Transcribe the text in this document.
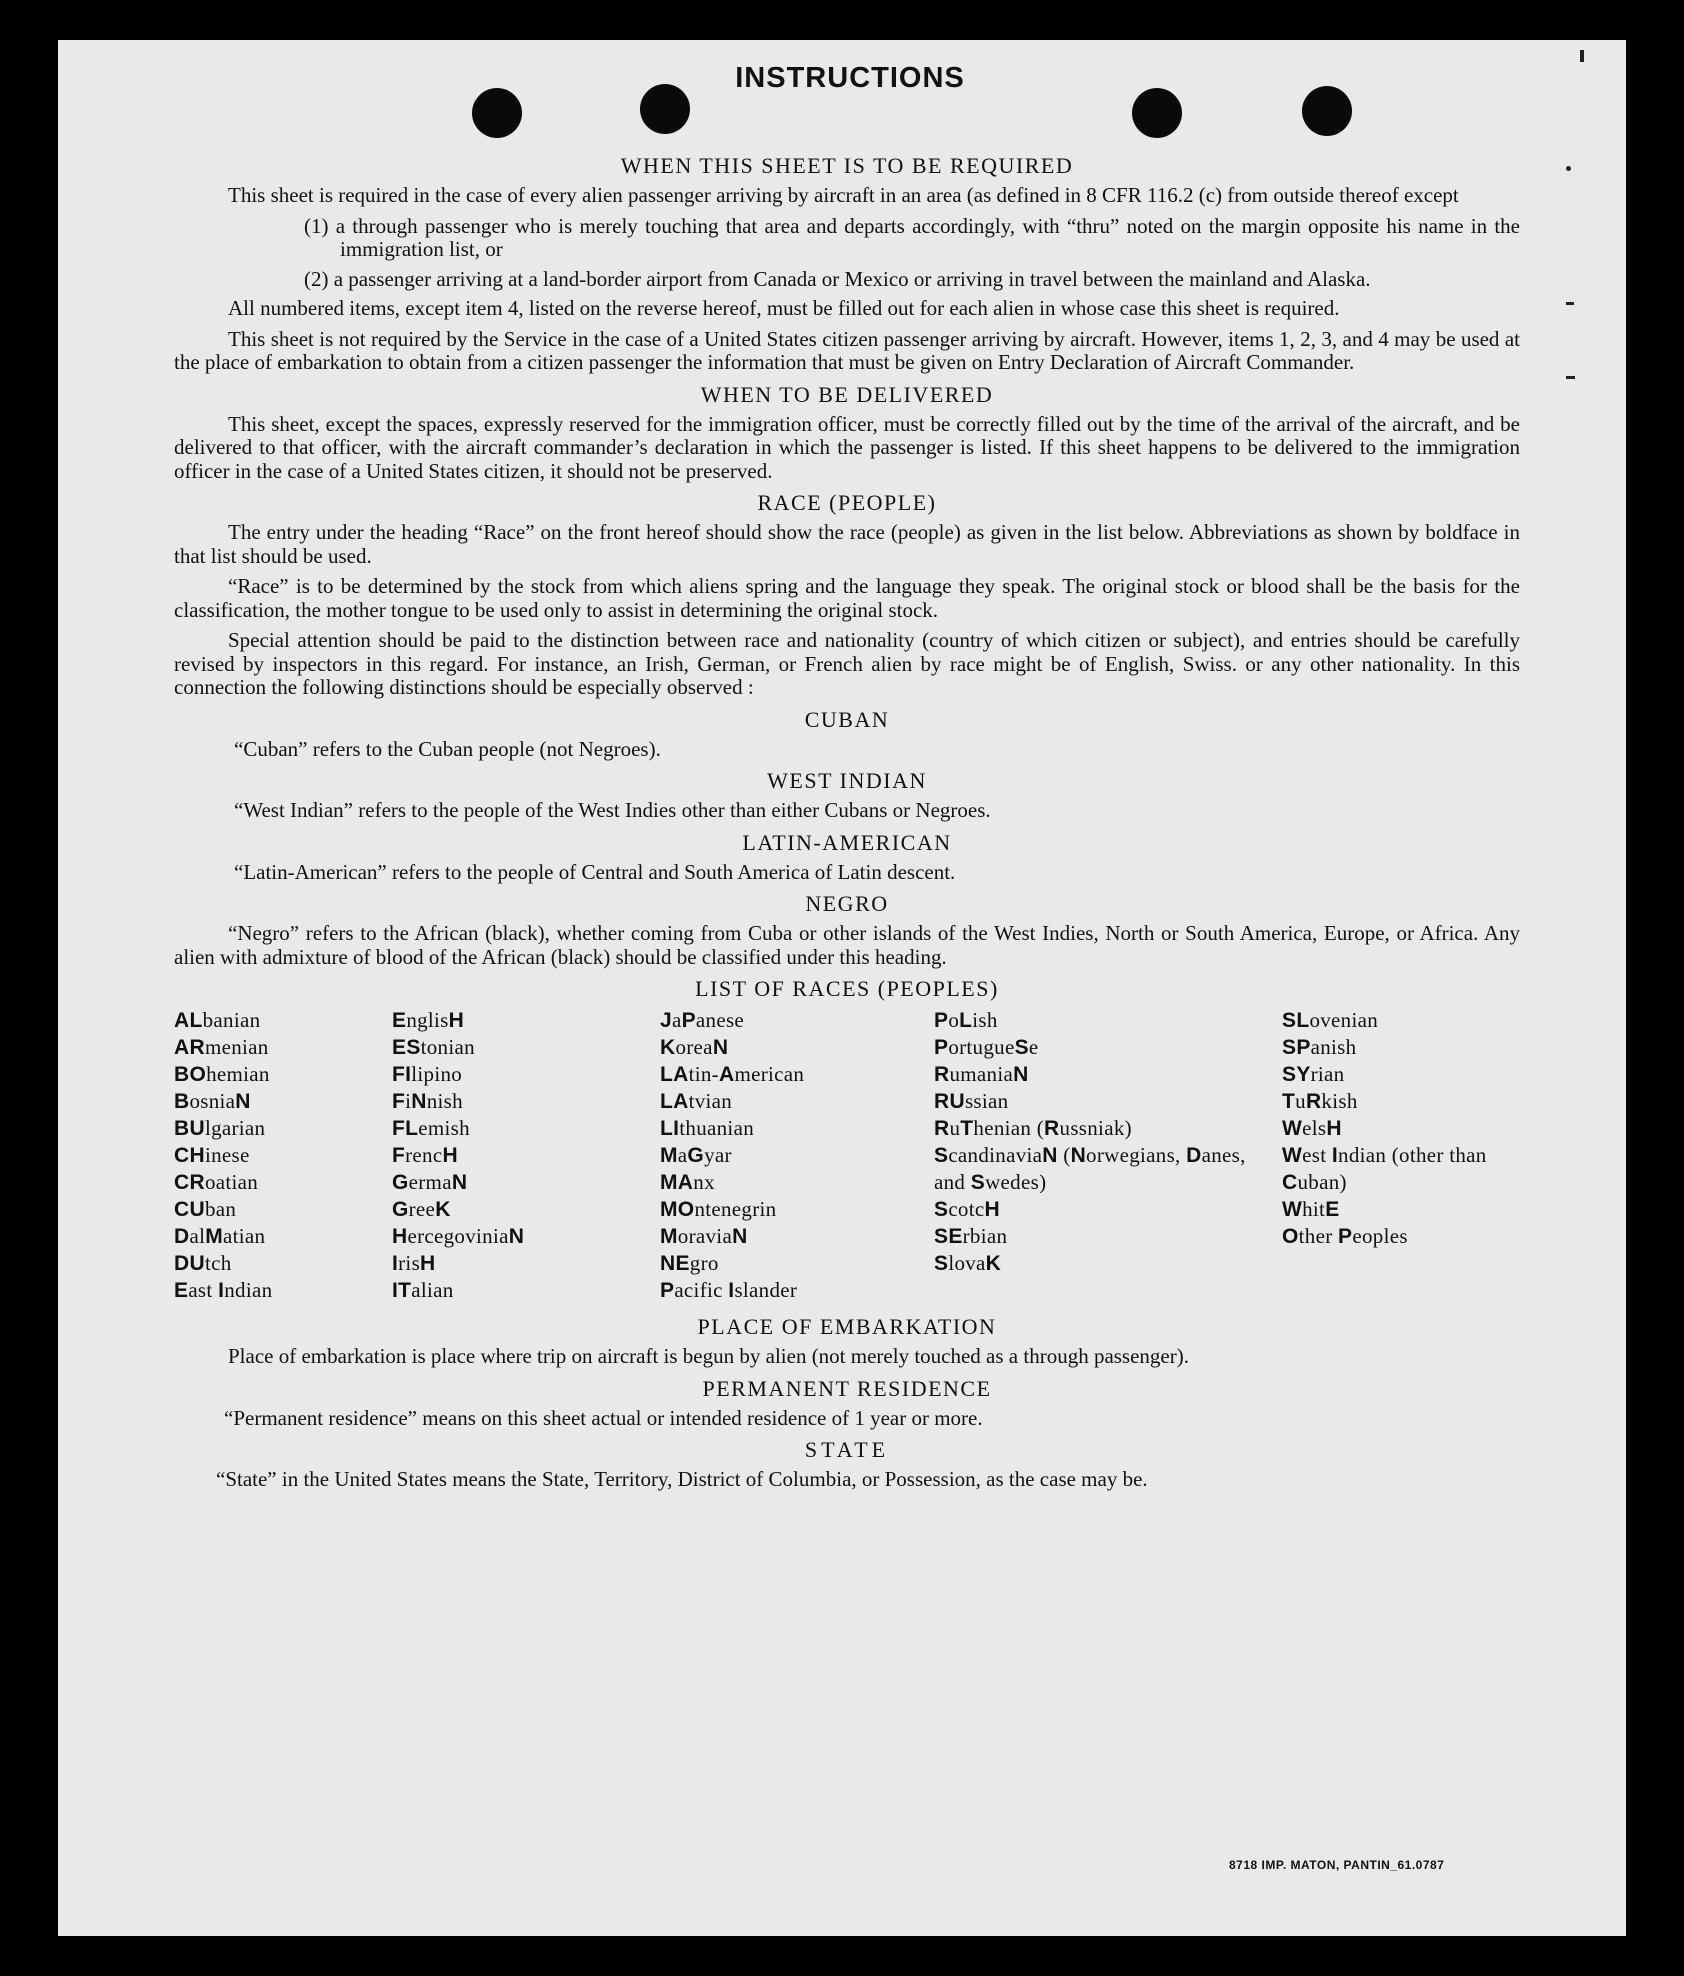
INSTRUCTIONS
WHEN THIS SHEET IS TO BE REQUIRED

This sheet is required in the case of every alien passenger arriving by aircraft in an area (as defined in 8 CFR 116.2 (c) from outside thereof except

(1) a through passenger who is merely touching that area and departs accordingly, with “thru” noted on the margin opposite his name in the immigration list, or

(2) a passenger arriving at a land-border airport from Canada or Mexico or arriving in travel between the mainland and Alaska.

All numbered items, except item 4, listed on the reverse hereof, must be filled out for each alien in whose case this sheet is required.

This sheet is not required by the Service in the case of a United States citizen passenger arriving by aircraft. However, items 1, 2, 3, and 4 may be used at the place of embarkation to obtain from a citizen passenger the information that must be given on Entry Declaration of Aircraft Commander.

WHEN TO BE DELIVERED

This sheet, except the spaces, expressly reserved for the immigration officer, must be correctly filled out by the time of the arrival of the aircraft, and be delivered to that officer, with the aircraft commander’s declaration in which the passenger is listed. If this sheet happens to be delivered to the immigration officer in the case of a United States citizen, it should not be preserved.

RACE (PEOPLE)

The entry under the heading “Race” on the front hereof should show the race (people) as given in the list below. Abbreviations as shown by boldface in that list should be used.

“Race” is to be determined by the stock from which aliens spring and the language they speak. The original stock or blood shall be the basis for the classification, the mother tongue to be used only to assist in determining the original stock.

Special attention should be paid to the distinction between race and nationality (country of which citizen or subject), and entries should be carefully revised by inspectors in this regard. For instance, an Irish, German, or French alien by race might be of English, Swiss. or any other nationality. In this connection the following distinctions should be especially observed :

CUBAN

“Cuban” refers to the Cuban people (not Negroes).

WEST INDIAN

“West Indian” refers to the people of the West Indies other than either Cubans or Negroes.

LATIN-AMERICAN

“Latin-American” refers to the people of Central and South America of Latin descent.

NEGRO

“Negro” refers to the African (black), whether coming from Cuba or other islands of the West Indies, North or South America, Europe, or Africa. Any alien with admixture of blood of the African (black) should be classified under this heading.

LIST OF RACES (PEOPLES)
ALbanian
ARmenian
BOhemian
BosniaN
BUlgarian
CHinese
CRoatian
CUban
DalMatian
DUtch
East Indian
EnglisH
EStonian
FIlipino
FiNnish
FLemish
FrencH
GermaN
GreeK
HercegoviniaN
IrisH
ITalian
JaPanese
KoreaN
LAtin-American
LAtvian
LIthuanian
MaGyar
MAnx
MOntenegrin
MoraviaN
NEgro
Pacific Islander
PoLish
PortugueSe
RumaniaN
RUssian
RuThenian (Russniak)
ScandinaviaN (Norwegians, Danes, and Swedes)
ScotcH
SErbian
SlovaK
SLovenian
SPanish
SYrian
TuRkish
WelsH
West Indian (other than Cuban)
WhitE
Other Peoples
PLACE OF EMBARKATION

Place of embarkation is place where trip on aircraft is begun by alien (not merely touched as a through passenger).

PERMANENT RESIDENCE

“Permanent residence” means on this sheet actual or intended residence of 1 year or more.

STATE

“State” in the United States means the State, Territory, District of Columbia, or Possession, as the case may be.

8718 IMP. MATON, PANTIN_61.0787
